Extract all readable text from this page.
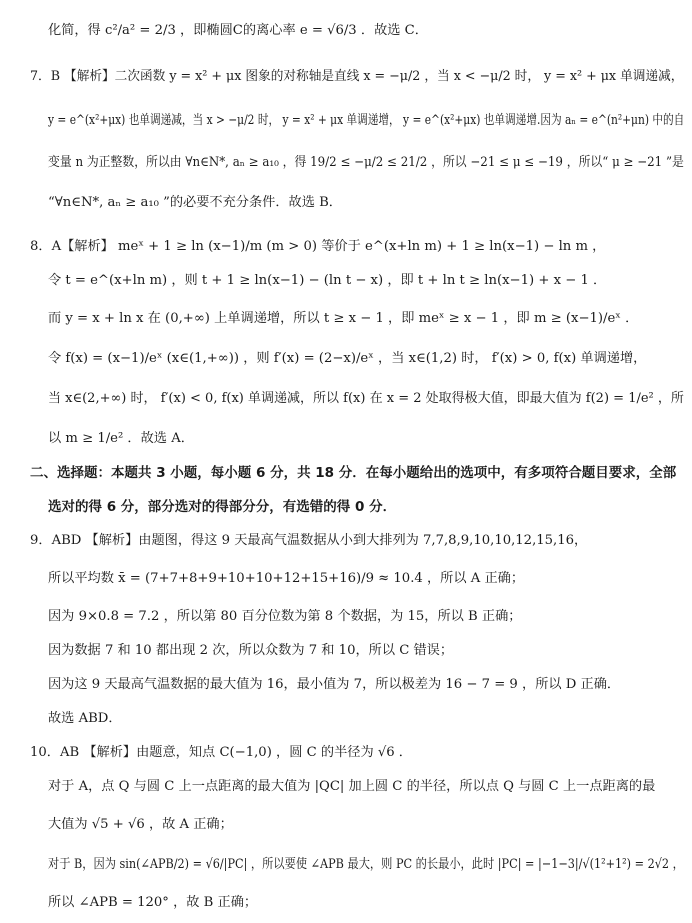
化简，得 c²/a² = 2/3 ，即椭圆C的离心率 e = √6/3 ．故选 C．
7．B 【解析】二次函数 y = x² + μx 图象的对称轴是直线 x = −μ/2 ，当 x < −μ/2 时， y = x² + μx 单调递减，
y = e^(x²+μx) 也单调递减，当 x > −μ/2 时， y = x² + μx 单调递增， y = e^(x²+μx) 也单调递增.因为 aₙ = e^(n²+μn) 中的自
变量 n 为正整数，所以由 ∀n∈N*, aₙ ≥ a₁₀ ，得 19/2 ≤ −μ/2 ≤ 21/2 ，所以 −21 ≤ μ ≤ −19 ，所以“ μ ≥ −21 ”是
“∀n∈N*, aₙ ≥ a₁₀ ”的必要不充分条件．故选 B．
8．A【解析】 meˣ + 1 ≥ ln (x−1)/m (m > 0) 等价于 e^(x+ln m) + 1 ≥ ln(x−1) − ln m ，
令 t = e^(x+ln m) ，则 t + 1 ≥ ln(x−1) − (ln t − x) ，即 t + ln t ≥ ln(x−1) + x − 1 ．
而 y = x + ln x 在 (0,+∞) 上单调递增，所以 t ≥ x − 1 ，即 meˣ ≥ x − 1 ，即 m ≥ (x−1)/eˣ ．
令 f(x) = (x−1)/eˣ (x∈(1,+∞)) ，则 f′(x) = (2−x)/eˣ ，当 x∈(1,2) 时， f′(x) > 0, f(x) 单调递增，
当 x∈(2,+∞) 时， f′(x) < 0, f(x) 单调递减，所以 f(x) 在 x = 2 处取得极大值，即最大值为 f(2) = 1/e² ，所
以 m ≥ 1/e² ．故选 A．
二、选择题：本题共 3 小题，每小题 6 分，共 18 分．在每小题给出的选项中，有多项符合题目要求，全部
选对的得 6 分，部分选对的得部分分，有选错的得 0 分．
9．ABD 【解析】由题图，得这 9 天最高气温数据从小到大排列为 7,7,8,9,10,10,12,15,16，
所以平均数 x̄ = (7+7+8+9+10+10+12+15+16)/9 ≈ 10.4 ，所以 A 正确；
因为 9×0.8 = 7.2 ，所以第 80 百分位数为第 8 个数据，为 15，所以 B 正确；
因为数据 7 和 10 都出现 2 次，所以众数为 7 和 10，所以 C 错误；
因为这 9 天最高气温数据的最大值为 16，最小值为 7，所以极差为 16 − 7 = 9 ，所以 D 正确．
故选 ABD．
10．AB 【解析】由题意，知点 C(−1,0) ，圆 C 的半径为 √6 ．
对于 A，点 Q 与圆 C 上一点距离的最大值为 |QC| 加上圆 C 的半径，所以点 Q 与圆 C 上一点距离的最
大值为 √5 + √6 ，故 A 正确；
对于 B，因为 sin(∠APB/2) = √6/|PC| ，所以要使 ∠APB 最大，则 PC 的长最小，此时 |PC| = |−1−3|/√(1²+1²) = 2√2 ，
所以 ∠APB = 120° ，故 B 正确；
